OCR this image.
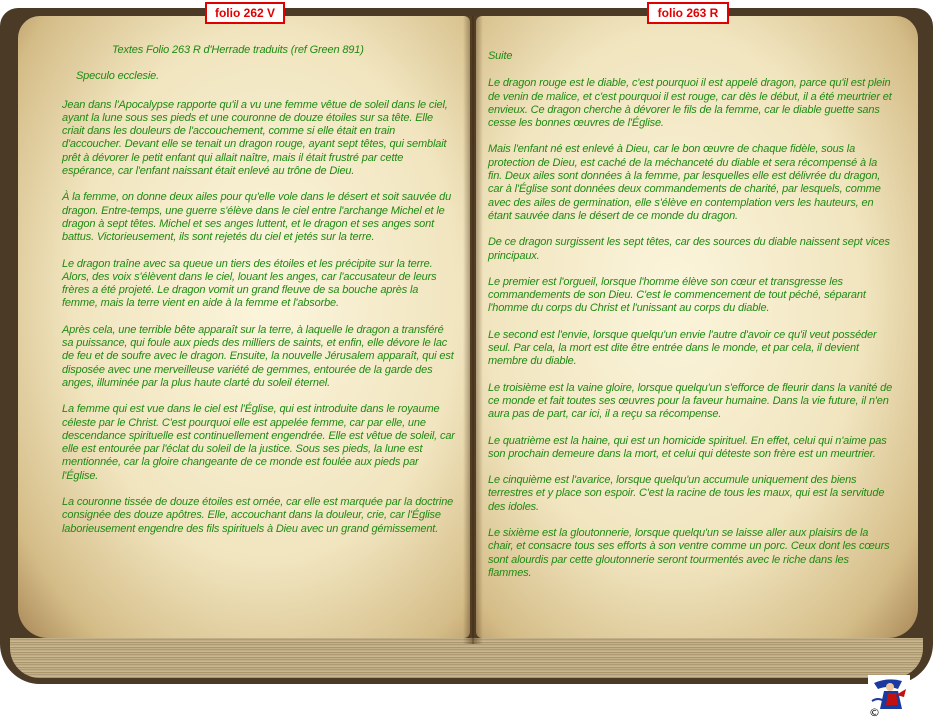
Textes Folio 263 R d'Herrade traduits (ref Green 891)

Speculo ecclesie.

Jean dans l'Apocalypse rapporte qu'il a vu une femme vêtue de soleil dans le ciel, ayant la lune sous ses pieds et une couronne de douze étoiles sur sa tête. Elle criait dans les douleurs de l'accouchement, comme si elle était en train d'accoucher. Devant elle se tenait un dragon rouge, ayant sept têtes, qui semblait prêt à dévorer le petit enfant qui allait naître, mais il était frustré par cette espérance, car l'enfant naissant était enlevé au trône de Dieu.

À la femme, on donne deux ailes pour qu'elle vole dans le désert et soit sauvée du dragon. Entre-temps, une guerre s'élève dans le ciel entre l'archange Michel et le dragon à sept têtes. Michel et ses anges luttent, et le dragon et ses anges sont battus. Victorieusement, ils sont rejetés du ciel et jetés sur la terre.

Le dragon traîne avec sa queue un tiers des étoiles et les précipite sur la terre. Alors, des voix s'élèvent dans le ciel, louant les anges, car l'accusateur de leurs frères a été projeté. Le dragon vomit un grand fleuve de sa bouche après la femme, mais la terre vient en aide à la femme et l'absorbe.

Après cela, une terrible bête apparaît sur la terre, à laquelle le dragon a transféré sa puissance, qui foule aux pieds des milliers de saints, et enfin, elle dévore le lac de feu et de soufre avec le dragon. Ensuite, la nouvelle Jérusalem apparaît, qui est disposée avec une merveilleuse variété de gemmes, entourée de la garde des anges, illuminée par la plus haute clarté du soleil éternel.

La femme qui est vue dans le ciel est l'Église, qui est introduite dans le royaume céleste par le Christ. C'est pourquoi elle est appelée femme, car par elle, une descendance spirituelle est continuellement engendrée. Elle est vêtue de soleil, car elle est entourée par l'éclat du soleil de la justice. Sous ses pieds, la lune est mentionnée, car la gloire changeante de ce monde est foulée aux pieds par l'Église.

La couronne tissée de douze étoiles est ornée, car elle est marquée par la doctrine consignée des douze apôtres. Elle, accouchant dans la douleur, crie, car l'Église laborieusement engendre des fils spirituels à Dieu avec un grand gémissement.

Suite

Le dragon rouge est le diable, c'est pourquoi il est appelé dragon, parce qu'il est plein de venin de malice, et c'est pourquoi il est rouge, car dès le début, il a été meurtrier et envieux. Ce dragon cherche à dévorer le fils de la femme, car le diable guette sans cesse les bonnes œuvres de l'Église.

Mais l'enfant né est enlevé à Dieu, car le bon œuvre de chaque fidèle, sous la protection de Dieu, est caché de la méchanceté du diable et sera récompensé à la fin. Deux ailes sont données à la femme, par lesquelles elle est délivrée du dragon, car à l'Église sont données deux commandements de charité, par lesquels, comme avec des ailes de germination, elle s'élève en contemplation vers les hauteurs, en étant sauvée dans le désert de ce monde du dragon.

De ce dragon surgissent les sept têtes, car des sources du diable naissent sept vices principaux.

Le premier est l'orgueil, lorsque l'homme élève son cœur et transgresse les commandements de son Dieu. C'est le commencement de tout péché, séparant l'homme du corps du Christ et l'unissant au corps du diable.

Le second est l'envie, lorsque quelqu'un envie l'autre d'avoir ce qu'il veut posséder seul. Par cela, la mort est dite être entrée dans le monde, et par cela, il devient membre du diable.

Le troisième est la vaine gloire, lorsque quelqu'un s'efforce de fleurir dans la vanité de ce monde et fait toutes ses œuvres pour la faveur humaine. Dans la vie future, il n'en aura pas de part, car ici, il a reçu sa récompense.

Le quatrième est la haine, qui est un homicide spirituel. En effet, celui qui n'aime pas son prochain demeure dans la mort, et celui qui déteste son frère est un meurtrier.

Le cinquième est l'avarice, lorsque quelqu'un accumule uniquement des biens terrestres et y place son espoir. C'est la racine de tous les maux, qui est la servitude des idoles.

Le sixième est la gloutonnerie, lorsque quelqu'un se laisse aller aux plaisirs de la chair, et consacre tous ses efforts à son ventre comme un porc. Ceux dont les cœurs sont alourdis par cette gloutonnerie seront tourmentés avec le riche dans les flammes.

folio 262 V	folio 263 R
©
